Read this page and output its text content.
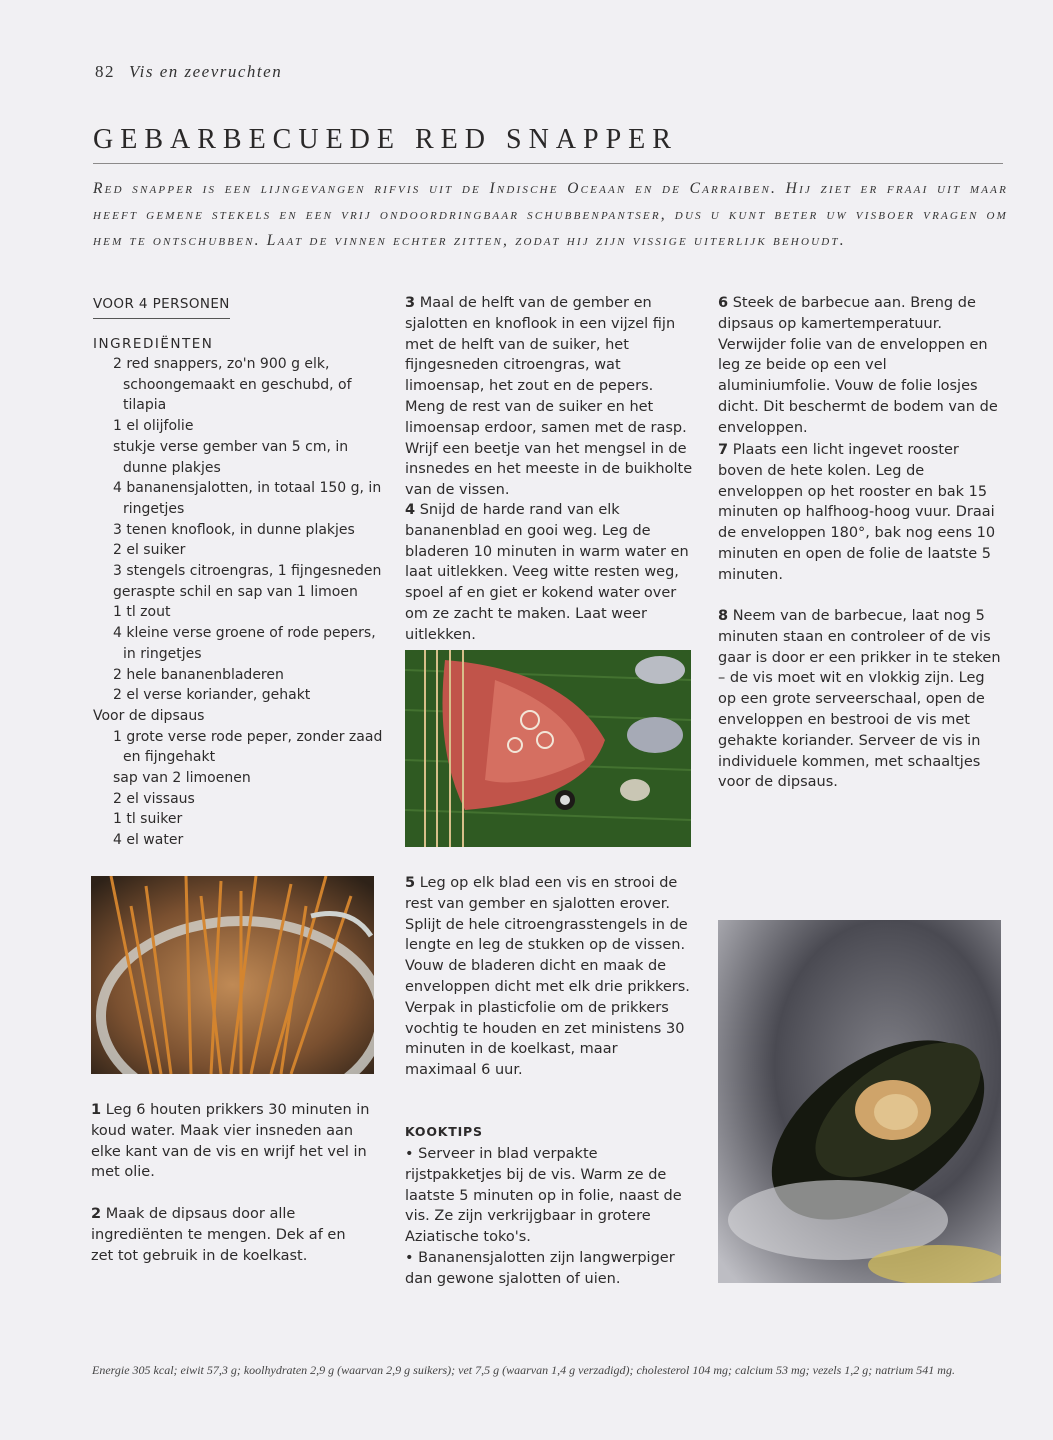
82 Vis en zeevruchten
GEBARBECUEDE RED SNAPPER
Red snapper is een lijngevangen rifvis uit de Indische Oceaan en de Carraiben. Hij ziet er fraai uit maar heeft gemene stekels en een vrij ondoordringbaar schubbenpantser, dus u kunt beter uw visboer vragen om hem te ontschubben. Laat de vinnen echter zitten, zodat hij zijn vissige uiterlijk behoudt.
VOOR 4 PERSONEN
INGREDIËNTEN
2 red snappers, zo'n 900 g elk, schoongemaakt en geschubd, of tilapia
1 el olijfolie
stukje verse gember van 5 cm, in dunne plakjes
4 bananensjalotten, in totaal 150 g, in ringetjes
3 tenen knoflook, in dunne plakjes
2 el suiker
3 stengels citroengras, 1 fijngesneden
geraspte schil en sap van 1 limoen
1 tl zout
4 kleine verse groene of rode pepers, in ringetjes
2 hele bananenbladeren
2 el verse koriander, gehakt
Voor de dipsaus
1 grote verse rode peper, zonder zaad en fijngehakt
sap van 2 limoenen
2 el vissaus
1 tl suiker
4 el water
1 Leg 6 houten prikkers 30 minuten in koud water. Maak vier insneden aan elke kant van de vis en wrijf het vel in met olie.
2 Maak de dipsaus door alle ingrediënten te mengen. Dek af en zet tot gebruik in de koelkast.
3 Maal de helft van de gember en sjalotten en knoflook in een vijzel fijn met de helft van de suiker, het fijngesneden citroengras, wat limoensap, het zout en de pepers. Meng de rest van de suiker en het limoensap erdoor, samen met de rasp. Wrijf een beetje van het mengsel in de insnedes en het meeste in de buikholte van de vissen.
4 Snijd de harde rand van elk bananenblad en gooi weg. Leg de bladeren 10 minuten in warm water en laat uitlekken. Veeg witte resten weg, spoel af en giet er kokend water over om ze zacht te maken. Laat weer uitlekken.
5 Leg op elk blad een vis en strooi de rest van gember en sjalotten erover. Splijt de hele citroengrasstengels in de lengte en leg de stukken op de vissen. Vouw de bladeren dicht en maak de enveloppen dicht met elk drie prikkers. Verpak in plasticfolie om de prikkers vochtig te houden en zet ministens 30 minuten in de koelkast, maar maximaal 6 uur.
KOOKTIPS
• Serveer in blad verpakte rijstpakketjes bij de vis. Warm ze de laatste 5 minuten op in folie, naast de vis. Ze zijn verkrijgbaar in grotere Aziatische toko's.
• Bananensjalotten zijn langwerpiger dan gewone sjalotten of uien.
6 Steek de barbecue aan. Breng de dipsaus op kamertemperatuur. Verwijder folie van de enveloppen en leg ze beide op een vel aluminiumfolie. Vouw de folie losjes dicht. Dit beschermt de bodem van de enveloppen.
7 Plaats een licht ingevet rooster boven de hete kolen. Leg de enveloppen op het rooster en bak 15 minuten op halfhoog-hoog vuur. Draai de enveloppen 180°, bak nog eens 10 minuten en open de folie de laatste 5 minuten.
8 Neem van de barbecue, laat nog 5 minuten staan en controleer of de vis gaar is door er een prikker in te steken – de vis moet wit en vlokkig zijn. Leg op een grote serveerschaal, open de enveloppen en bestrooi de vis met gehakte koriander. Serveer de vis in individuele kommen, met schaaltjes voor de dipsaus.
Energie 305 kcal; eiwit 57,3 g; koolhydraten 2,9 g (waarvan 2,9 g suikers); vet 7,5 g (waarvan 1,4 g verzadigd); cholesterol 104 mg; calcium 53 mg; vezels 1,2 g; natrium 541 mg.
